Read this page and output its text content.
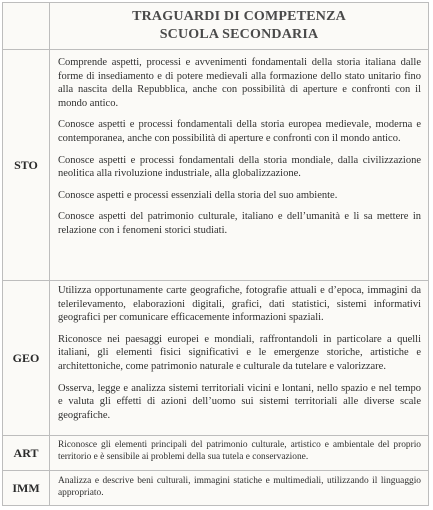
TRAGUARDI DI COMPETENZA
SCUOLA SECONDARIA
STO

Comprende aspetti, processi e avvenimenti fondamentali della storia italiana dalle forme di insediamento e di potere medievali alla formazione dello stato unitario fino alla nascita della Repubblica, anche con possibilità di aperture e confronti con il mondo antico.

Conosce aspetti e processi fondamentali della storia europea medievale, moderna e contemporanea, anche con possibilità di aperture e confronti con il mondo antico.

Conosce aspetti e processi fondamentali della storia mondiale, dalla civilizzazione neolitica alla rivoluzione industriale, alla globalizzazione.

Conosce aspetti e processi essenziali della storia del suo ambiente.

Conosce aspetti del patrimonio culturale, italiano e dell’umanità e li sa mettere in relazione con i fenomeni storici studiati.

GEO

Utilizza opportunamente carte geografiche, fotografie attuali e d’epoca, immagini da telerilevamento, elaborazioni digitali, grafici, dati statistici, sistemi informativi geografici per comunicare efficacemente informazioni spaziali.

Riconosce nei paesaggi europei e mondiali, raffrontandoli in particolare a quelli italiani, gli elementi fisici significativi e le emergenze storiche, artistiche e architettoniche, come patrimonio naturale e culturale da tutelare e valorizzare.

Osserva, legge e analizza sistemi territoriali vicini e lontani, nello spazio e nel tempo e valuta gli effetti di azioni dell’uomo sui sistemi territoriali alle diverse scale geografiche.

ART

Riconosce gli elementi principali del patrimonio culturale, artistico e ambientale del proprio territorio e è sensibile ai problemi della sua tutela e conservazione.

IMM Analizza e descrive beni culturali, immagini statiche e multimediali, utilizzando il linguaggio appropriato.
